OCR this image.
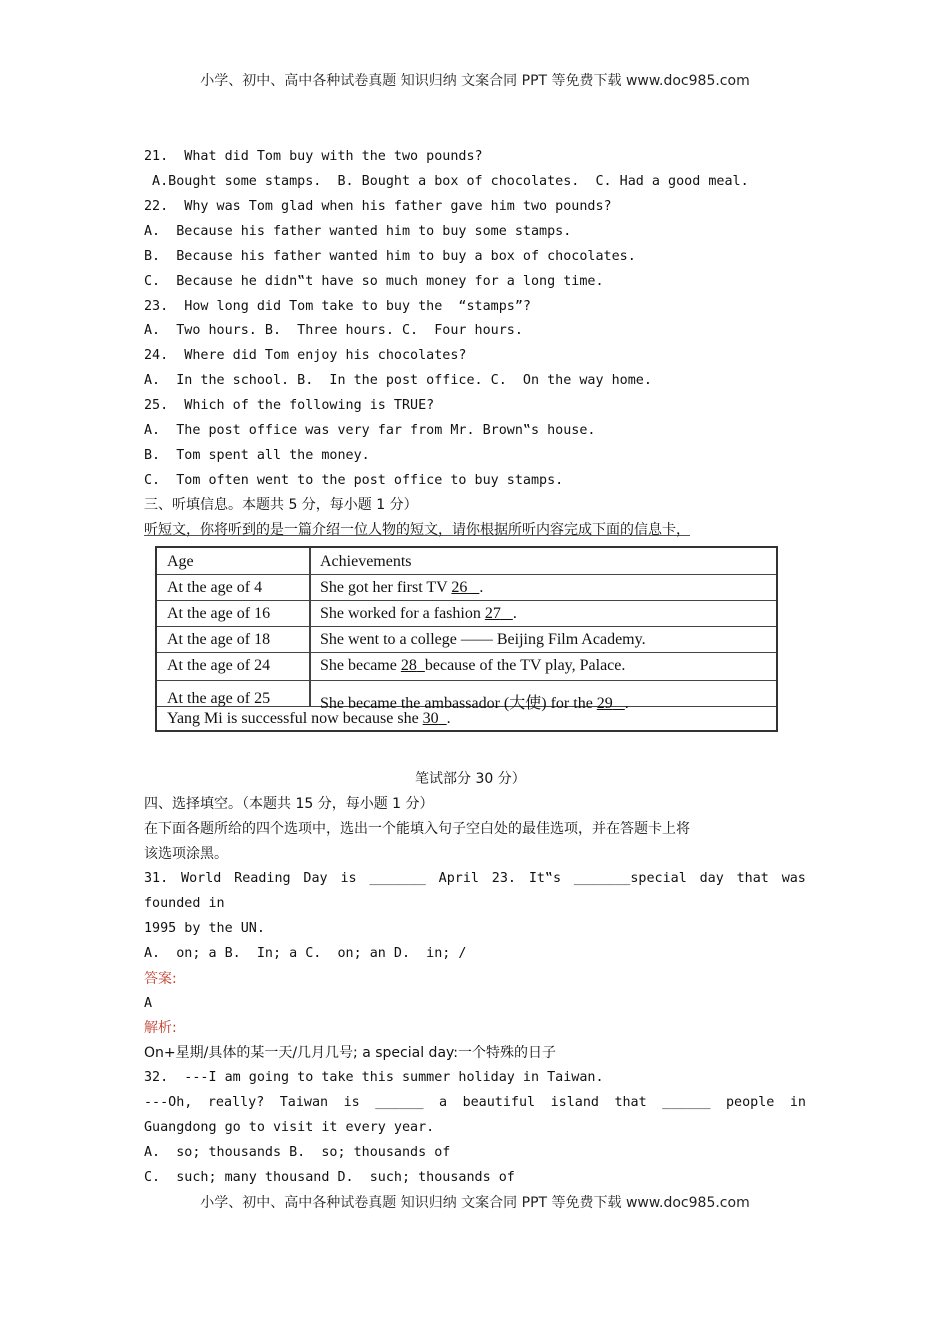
小学、初中、高中各种试卷真题 知识归纳 文案合同 PPT 等免费下载 www.doc985.com
21.  What did Tom buy with the two pounds?
A.Bought some stamps.  B. Bought a box of chocolates.  C. Had a good meal.
22.  Why was Tom glad when his father gave him two pounds?
A.  Because his father wanted him to buy some stamps.
B.  Because his father wanted him to buy a box of chocolates.
C.  Because he didn‟t have so much money for a long time.
23.  How long did Tom take to buy the  “stamps”?
A.  Two hours. B.  Three hours. C.  Four hours.
24.  Where did Tom enjoy his chocolates?
A.  In the school. B.  In the post office. C.  On the way home.
25.  Which of the following is TRUE?
A.  The post office was very far from Mr. Brown‟s house.
B.  Tom spent all the money.
C.  Tom often went to the post office to buy stamps.
三、听填信息。本题共 5 分，每小题 1 分）
听短文，你将听到的是一篇介绍一位人物的短文，请你根据所听内容完成下面的信息卡，
Age	Achievements
At the age of 4	She got her first TV 26 .
At the age of 16	She worked for a fashion 27 .
At the age of 18	She went to a college —— Beijing Film Academy.
At the age of 24	She became 28 because of the TV play, Palace.
At the age of 25	She became the ambassador (大使) for the 29 .
Yang Mi is successful now because she 30 .
笔试部分 30 分）
四、选择填空。（本题共 15 分，每小题 1 分）
在下面各题所给的四个选项中，选出一个能填入句子空白处的最佳选项，并在答题卡上将
该选项涂黑。
31. World Reading Day is _______ April 23. It‟s _______special day that was
founded in
1995 by the UN.
A.  on; a B.  In; a C.  on; an D.  in; /
答案:
A
解析:
On+星期/具体的某一天/几月几号; a special day:一个特殊的日子
32.  ---I am going to take this summer holiday in Taiwan.
---Oh, really? Taiwan is ______ a beautiful island that ______ people in
Guangdong go to visit it every year.
A.  so; thousands B.  so; thousands of
C.  such; many thousand D.  such; thousands of
小学、初中、高中各种试卷真题 知识归纳 文案合同 PPT 等免费下载 www.doc985.com
